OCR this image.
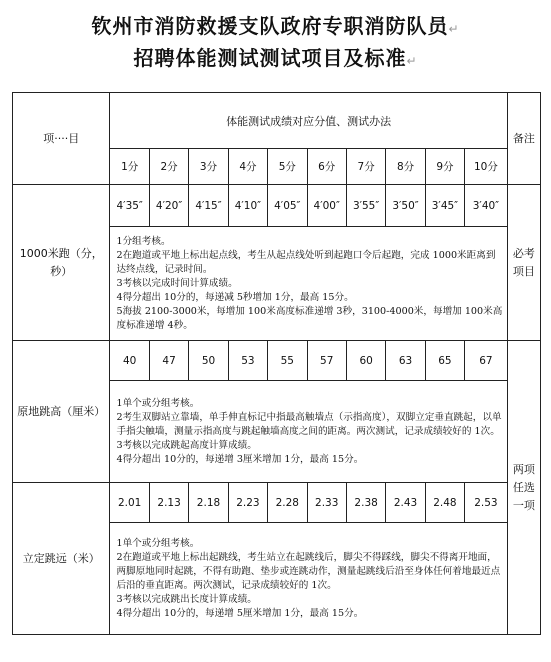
钦州市消防救援支队政府专职消防队员↵
招聘体能测试测试项目及标准↵
项····目	体能测试成绩对应分值、测试办法										备注
	1分	2分	3分	4分	5分	6分	7分	8分	9分	10分	
1000米跑（分，秒）	4′35″	4′20″	4′15″	4′10″	4′05″	4′00″	3′55″	3′50″	3′45″	3′40″	必考项目

	1分组考核。
2在跑道或平地上标出起点线，考生从起点线处听到起跑口令后起跑，完成 1000米距离到达终点线，记录时间。
3考核以完成时间计算成绩。
4得分超出 10分的，每递减 5秒增加 1分，最高 15分。
5海拔 2100-3000米，每增加 100米高度标准递增 3秒，3100-4000米，每增加 100米高度标准递增 4秒。										

原地跳高（厘米）	40	47	50	53	55	57	60	63	65	67	两项任选一项

	1单个或分组考核。
2考生双脚站立靠墙，单手伸直标记中指最高触墙点（示指高度），双脚立定垂直跳起，以单手指尖触墙，测量示指高度与跳起触墙高度之间的距离。两次测试，记录成绩较好的 1次。
3考核以完成跳起高度计算成绩。
4得分超出 10分的，每递增 3厘米增加 1分，最高 15分。										

立定跳远（米）	2.01	2.13	2.18	2.23	2.28	2.33	2.38	2.43	2.48	2.53	

	1单个或分组考核。
2在跑道或平地上标出起跳线，考生站立在起跳线后，脚尖不得踩线，脚尖不得离开地面，两脚原地同时起跳，不得有助跑、垫步或连跳动作，测量起跳线后沿至身体任何着地最近点后沿的垂直距离。两次测试，记录成绩较好的 1次。
3考核以完成跳出长度计算成绩。
4得分超出 10分的，每递增 5厘米增加 1分，最高 15分。										
